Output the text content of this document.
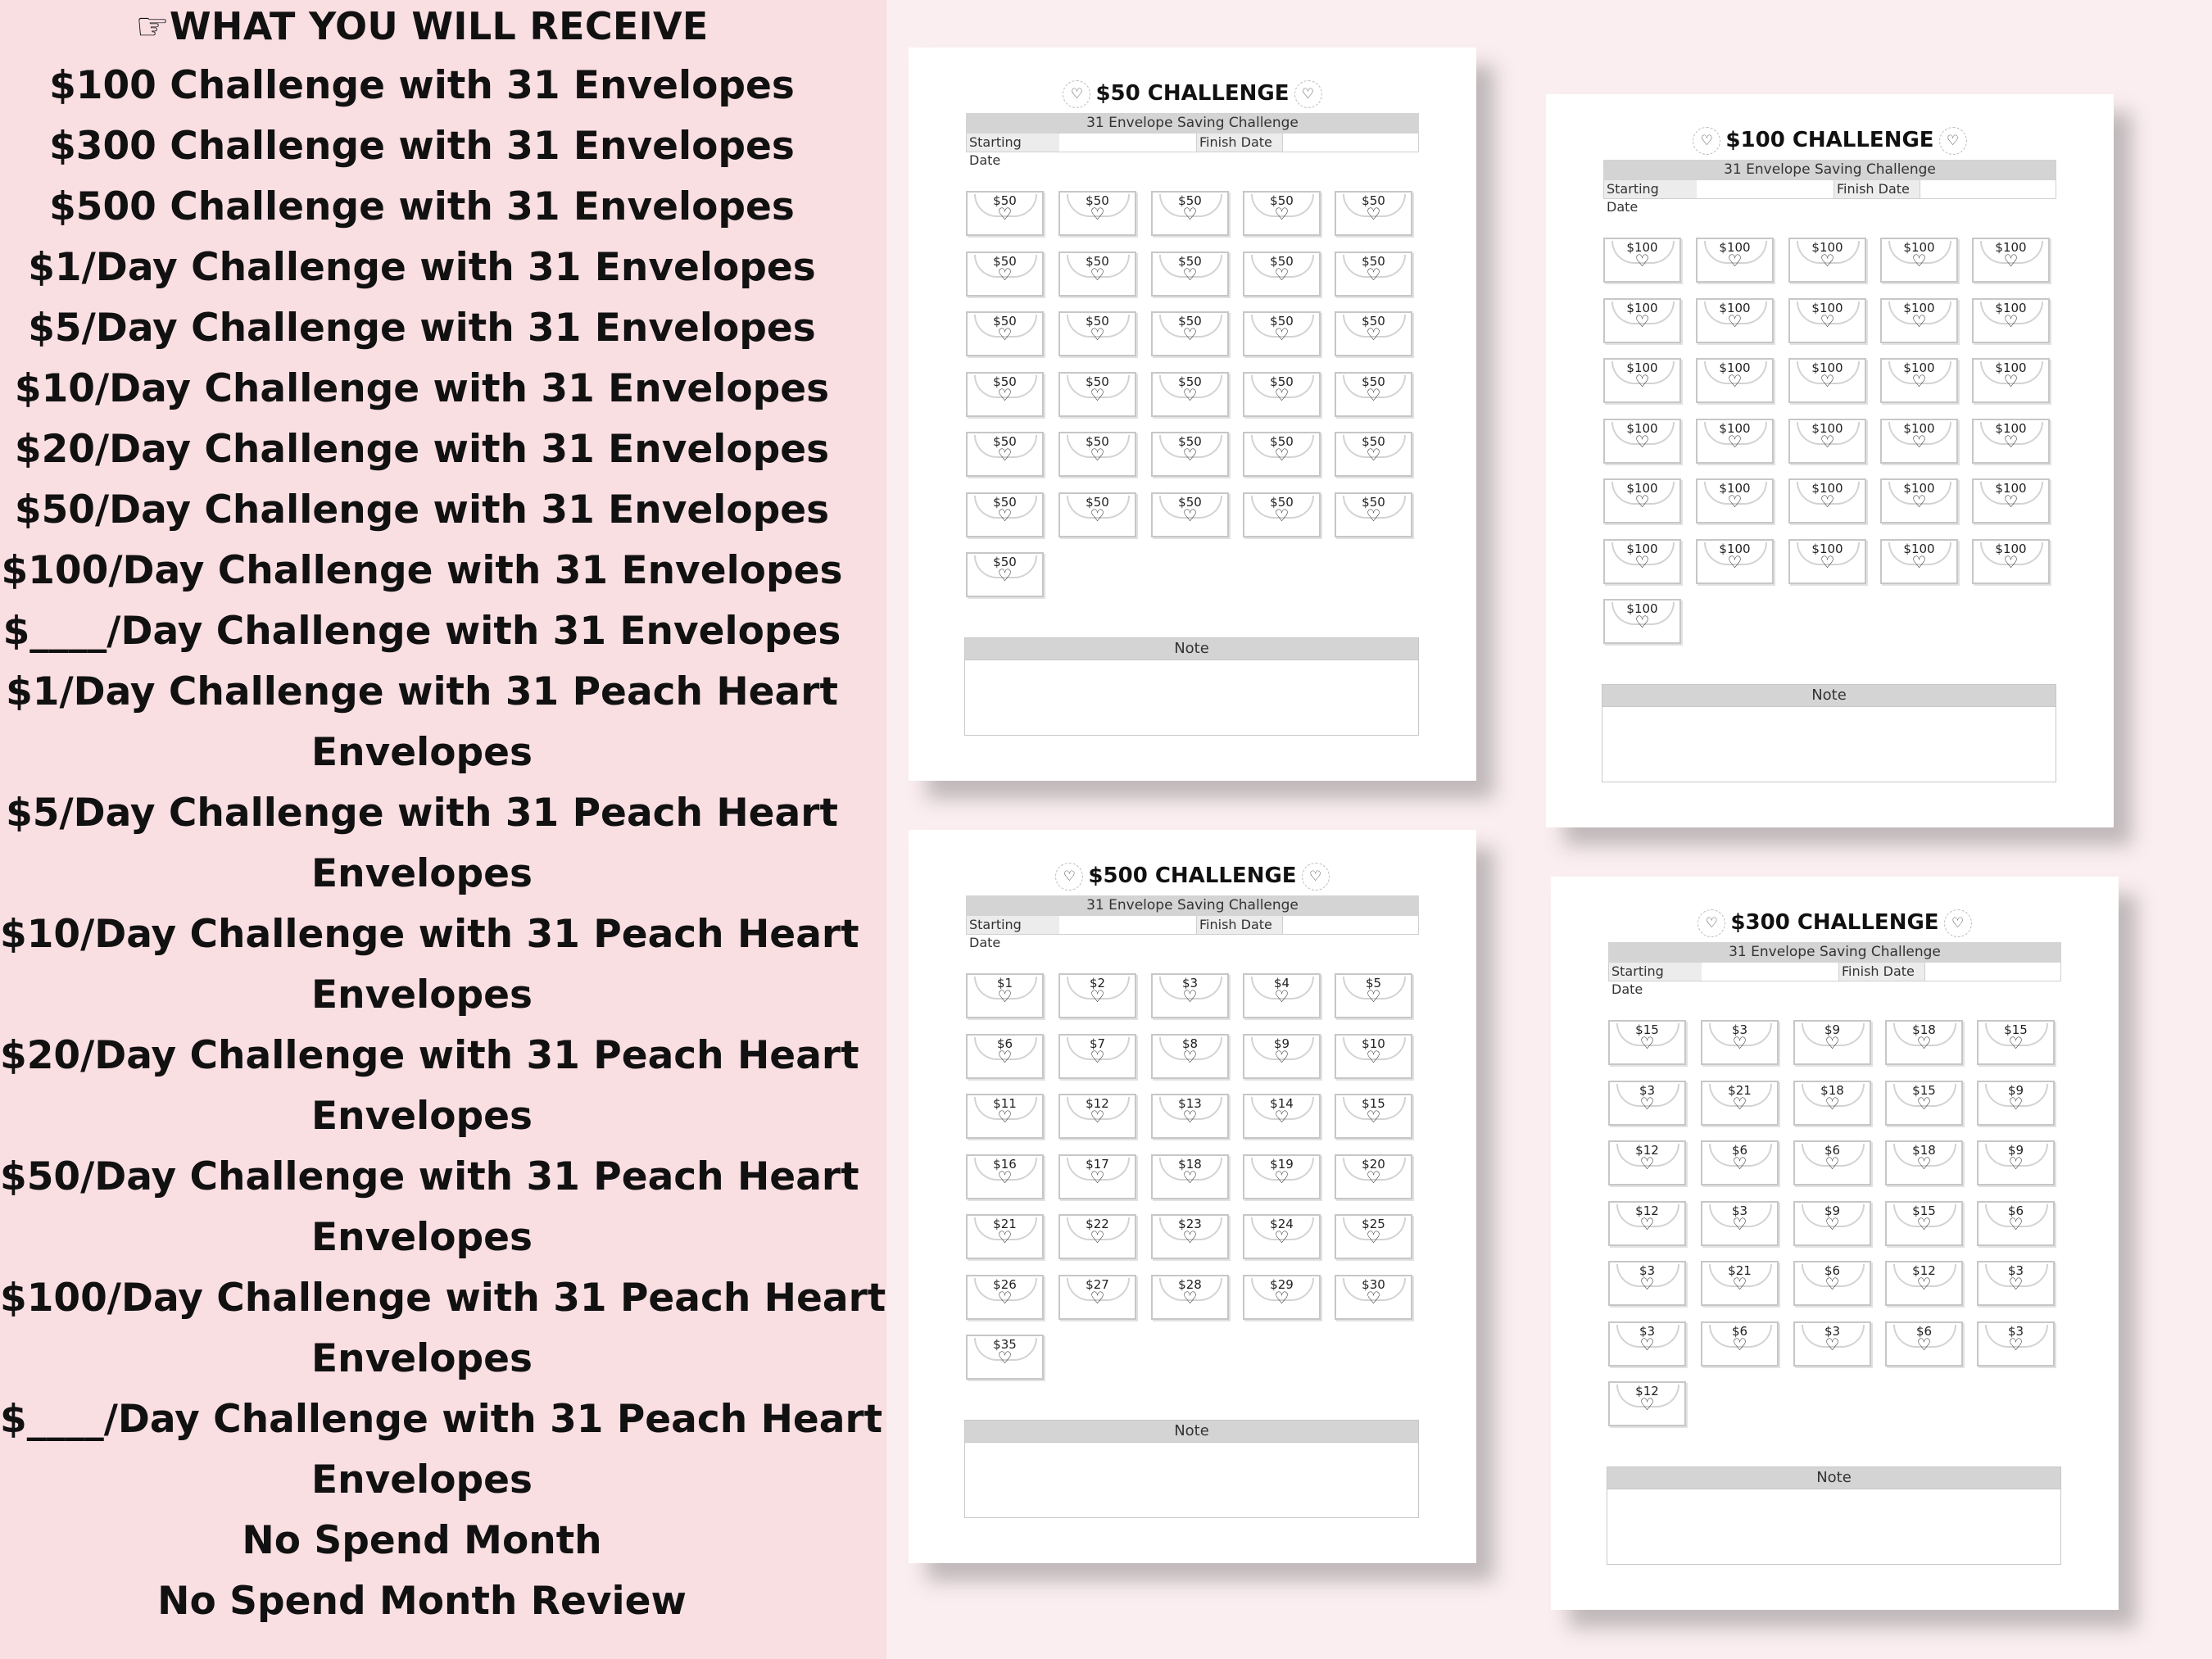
☞WHAT YOU WILL RECEIVE
$100 Challenge with 31 Envelopes
$300 Challenge with 31 Envelopes
$500 Challenge with 31 Envelopes
$1/Day Challenge with 31 Envelopes
$5/Day Challenge with 31 Envelopes
$10/Day Challenge with 31 Envelopes
$20/Day Challenge with 31 Envelopes
$50/Day Challenge with 31 Envelopes
$100/Day Challenge with 31 Envelopes
$____/Day Challenge with 31 Envelopes
$1/Day Challenge with 31 Peach Heart
Envelopes
$5/Day Challenge with 31 Peach Heart
Envelopes
$10/Day Challenge with 31 Peach Heart
Envelopes
$20/Day Challenge with 31 Peach Heart
Envelopes
$50/Day Challenge with 31 Peach Heart
Envelopes
$100/Day Challenge with 31 Peach Heart
Envelopes
$____/Day Challenge with 31 Peach Heart
Envelopes
No Spend Month
No Spend Month Review
♡ $50 CHALLENGE ♡
31 Envelope Saving Challenge
Starting Date
Finish Date
$50
♡
$50
♡
$50
♡
$50
♡
$50
♡
$50
♡
$50
♡
$50
♡
$50
♡
$50
♡
$50
♡
$50
♡
$50
♡
$50
♡
$50
♡
$50
♡
$50
♡
$50
♡
$50
♡
$50
♡
$50
♡
$50
♡
$50
♡
$50
♡
$50
♡
$50
♡
$50
♡
$50
♡
$50
♡
$50
♡
$50
♡
Note
♡ $100 CHALLENGE ♡
31 Envelope Saving Challenge
Starting Date
Finish Date
$100
♡
$100
♡
$100
♡
$100
♡
$100
♡
$100
♡
$100
♡
$100
♡
$100
♡
$100
♡
$100
♡
$100
♡
$100
♡
$100
♡
$100
♡
$100
♡
$100
♡
$100
♡
$100
♡
$100
♡
$100
♡
$100
♡
$100
♡
$100
♡
$100
♡
$100
♡
$100
♡
$100
♡
$100
♡
$100
♡
$100
♡
Note
♡ $500 CHALLENGE ♡
31 Envelope Saving Challenge
Starting Date
Finish Date
$1
♡
$2
♡
$3
♡
$4
♡
$5
♡
$6
♡
$7
♡
$8
♡
$9
♡
$10
♡
$11
♡
$12
♡
$13
♡
$14
♡
$15
♡
$16
♡
$17
♡
$18
♡
$19
♡
$20
♡
$21
♡
$22
♡
$23
♡
$24
♡
$25
♡
$26
♡
$27
♡
$28
♡
$29
♡
$30
♡
$35
♡
Note
♡ $300 CHALLENGE ♡
31 Envelope Saving Challenge
Starting Date
Finish Date
$15
♡
$3
♡
$9
♡
$18
♡
$15
♡
$3
♡
$21
♡
$18
♡
$15
♡
$9
♡
$12
♡
$6
♡
$6
♡
$18
♡
$9
♡
$12
♡
$3
♡
$9
♡
$15
♡
$6
♡
$3
♡
$21
♡
$6
♡
$12
♡
$3
♡
$3
♡
$6
♡
$3
♡
$6
♡
$3
♡
$12
♡
Note
